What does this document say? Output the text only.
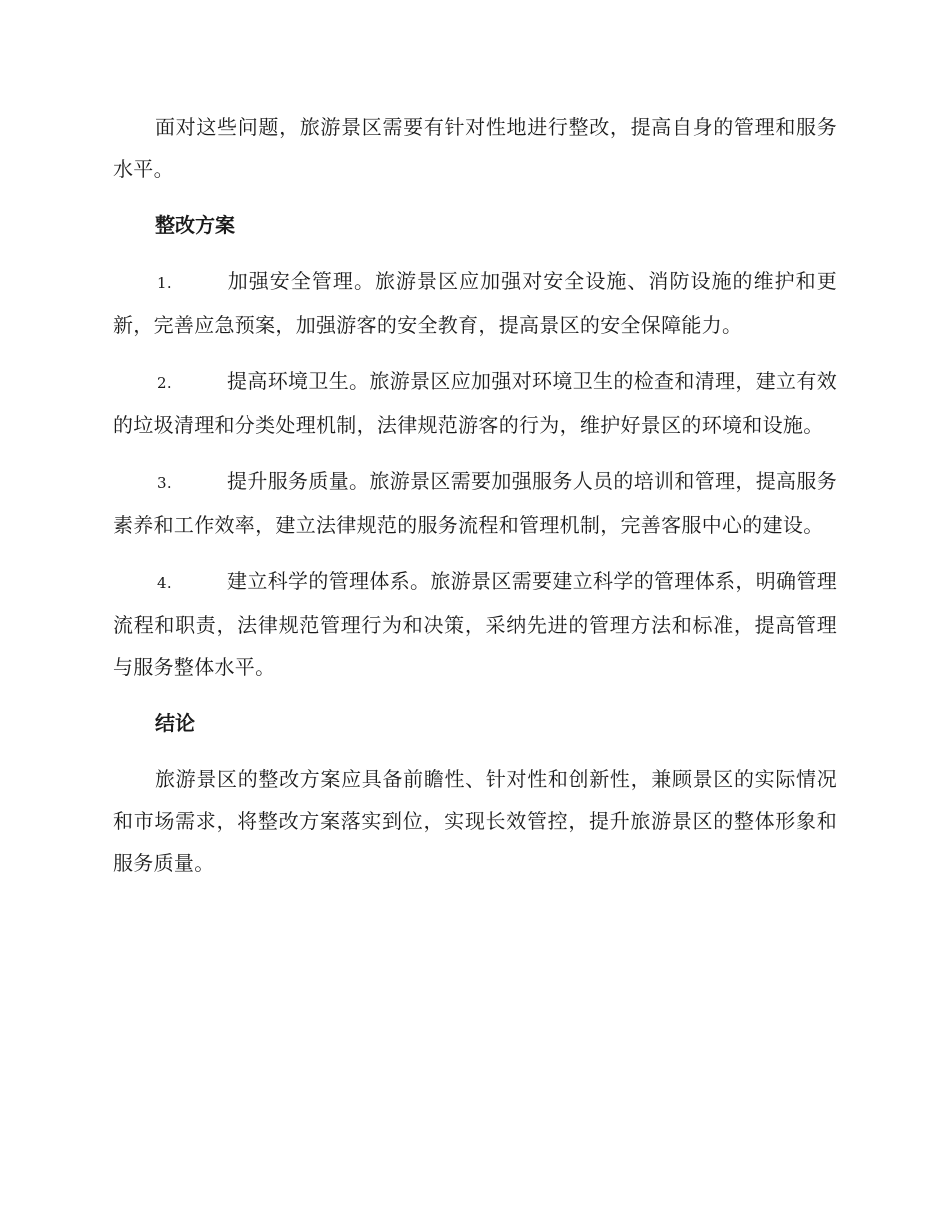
面对这些问题，旅游景区需要有针对性地进行整改，提高自身的管理和服务水平。

整改方案
1.	加强安全管理。旅游景区应加强对安全设施、消防设施的维护和更新，完善应急预案，加强游客的安全教育，提高景区的安全保障能力。
2.	提高环境卫生。旅游景区应加强对环境卫生的检查和清理，建立有效的垃圾清理和分类处理机制，法律规范游客的行为，维护好景区的环境和设施。
3.	提升服务质量。旅游景区需要加强服务人员的培训和管理，提高服务素养和工作效率，建立法律规范的服务流程和管理机制，完善客服中心的建设。
4.	建立科学的管理体系。旅游景区需要建立科学的管理体系，明确管理流程和职责，法律规范管理行为和决策，采纳先进的管理方法和标准，提高管理与服务整体水平。
结论

旅游景区的整改方案应具备前瞻性、针对性和创新性，兼顾景区的实际情况和市场需求，将整改方案落实到位，实现长效管控，提升旅游景区的整体形象和服务质量。
